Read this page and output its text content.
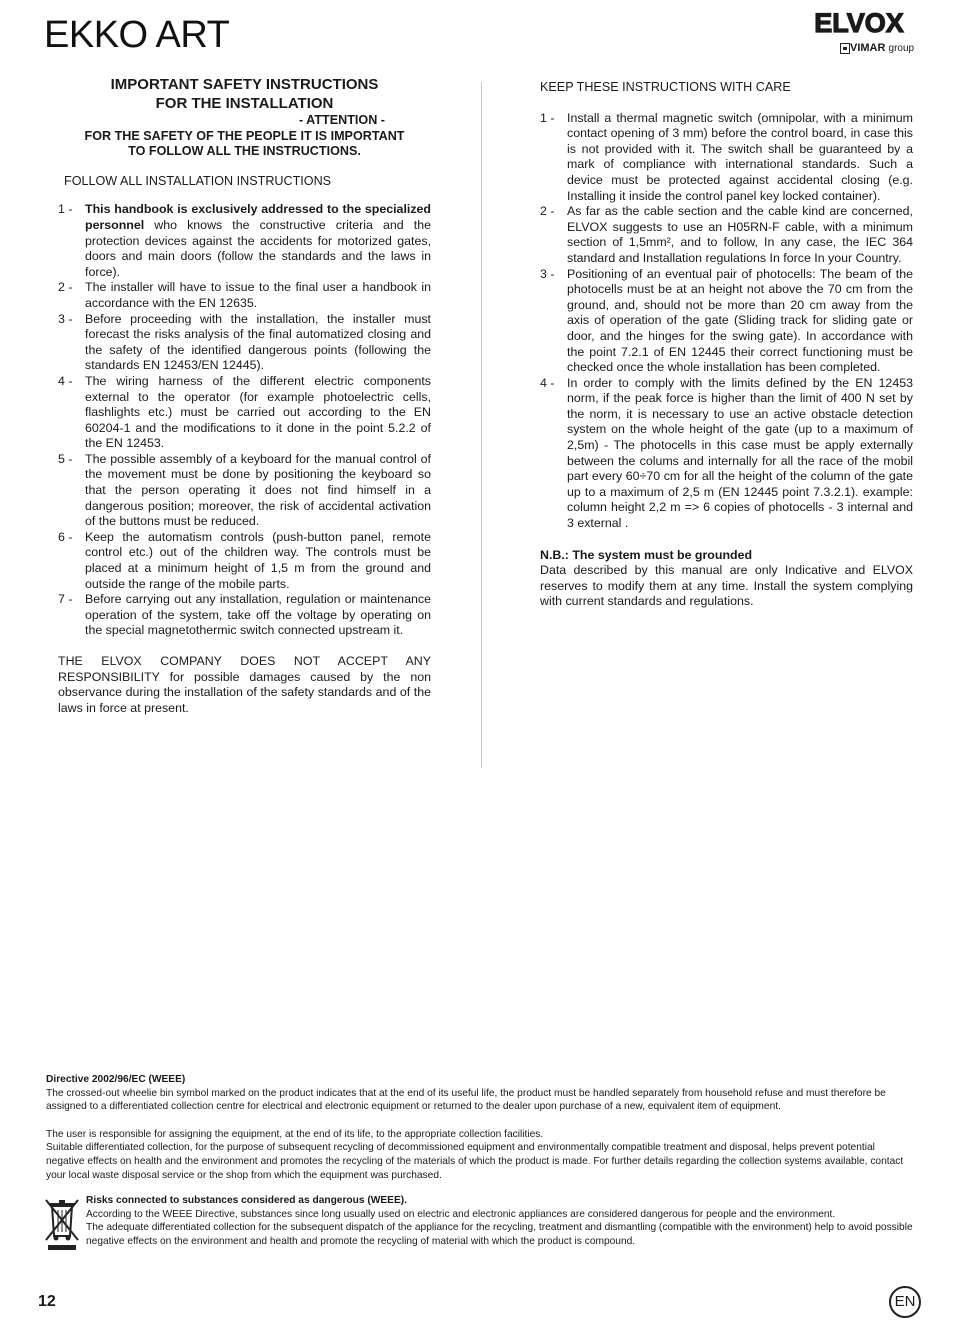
EKKO ART	ELVOX
VIMAR group
IMPORTANT SAFETY INSTRUCTIONS
FOR THE INSTALLATION
- ATTENTION -
FOR THE SAFETY OF THE PEOPLE IT IS IMPORTANT
TO FOLLOW ALL THE INSTRUCTIONS.
FOLLOW ALL INSTALLATION INSTRUCTIONS
1 -	This handbook is exclusively addressed to the specialized personnel who knows the constructive criteria and the protection devices against the accidents for motorized gates, doors and main doors (follow the standards and the laws in force).
2 -	The installer will have to issue to the final user a handbook in accordance with the EN 12635.
3 -	Before proceeding with the installation, the installer must forecast the risks analysis of the final automatized closing and the safety of the identified dangerous points (following the standards EN 12453/EN 12445).
4 -	The wiring harness of the different electric components external to the operator (for example photoelectric cells, flashlights etc.) must be carried out according to the EN 60204-1 and the modifications to it done in the point 5.2.2 of the EN 12453.
5 -	The possible assembly of a keyboard for the manual control of the movement must be done by positioning the keyboard so that the person operating it does not find himself in a dangerous position; moreover, the risk of accidental activation of the buttons must be reduced.
6 -	Keep the automatism controls (push-button panel, remote control etc.) out of the children way. The controls must be placed at a minimum height of 1,5 m from the ground and outside the range of the mobile parts.
7 -	Before carrying out any installation, regulation or maintenance operation of the system, take off the voltage by operating on the special magnetothermic switch connected upstream it.
THE ELVOX COMPANY DOES NOT ACCEPT ANY RESPONSIBILITY for possible damages caused by the non observance during the installation of the safety standards and of the laws in force at present.
KEEP THESE INSTRUCTIONS WITH CARE
1 -	Install a thermal magnetic switch (omnipolar, with a minimum contact opening of 3 mm) before the control board, in case this is not provided with it. The switch shall be guaranteed by a mark of compliance with international standards. Such a device must be protected against accidental closing (e.g. Installing it inside the control panel key locked container).
2 -	As far as the cable section and the cable kind are concerned, ELVOX suggests to use an H05RN-F cable, with a minimum section of 1,5mm², and to follow, In any case, the IEC 364 standard and Installation regulations In force In your Country.
3 -	Positioning of an eventual pair of photocells: The beam of the photocells must be at an height not above the 70 cm from the ground, and, should not be more than 20 cm away from the axis of operation of the gate (Sliding track for sliding gate or door, and the hinges for the swing gate). In accordance with the point 7.2.1 of EN 12445 their correct functioning must be checked once the whole installation has been completed.
4 -	In order to comply with the limits defined by the EN 12453 norm, if the peak force is higher than the limit of 400 N set by the norm, it is necessary to use an active obstacle detection system on the whole height of the gate (up to a maximum of 2,5m) - The photocells in this case must be apply externally between the colums and internally for all the race of the mobil part every 60÷70 cm for all the height of the column of the gate up to a maximum of 2,5 m (EN 12445 point 7.3.2.1). example: column height 2,2 m => 6 copies of photocells - 3 internal and 3 external .
N.B.: The system must be grounded
Data described by this manual are only Indicative and ELVOX reserves to modify them at any time. Install the system complying with current standards and regulations.

Directive 2002/96/EC (WEEE)

The crossed-out wheelie bin symbol marked on the product indicates that at the end of its useful life, the product must be handled separately from household refuse and must therefore be assigned to a differentiated collection centre for electrical and electronic equipment or returned to the dealer upon purchase of a new, equivalent item of equipment.

The user is responsible for assigning the equipment, at the end of its life, to the appropriate collection facilities.

Suitable differentiated collection, for the purpose of subsequent recycling of decommissioned equipment and environmentally compatible treatment and disposal, helps prevent potential negative effects on health and the environment and promotes the recycling of the materials of which the product is made. For further details regarding the collection systems available, contact your local waste disposal service or the shop from which the equipment was purchased.

Risks connected to substances considered as dangerous (WEEE).

According to the WEEE Directive, substances since long usually used on electric and electronic appliances are considered dangerous for people and the environment.

The adequate differentiated collection for the subsequent dispatch of the appliance for the recycling, treatment and dismantling (compatible with the environment) help to avoid possible negative effects on the environment and health and promote the recycling of material with which the product is compound.

12	EN
